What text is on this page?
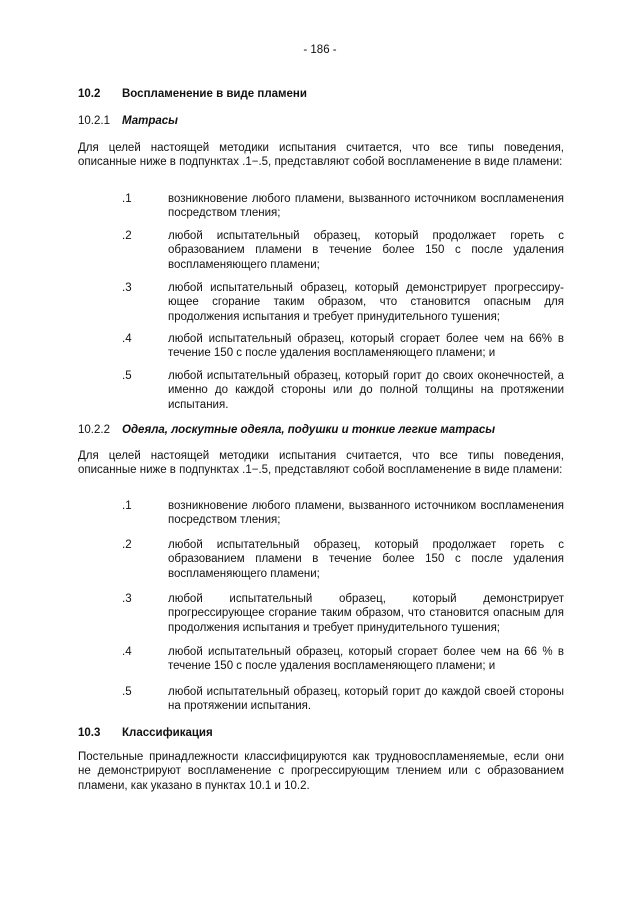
- 186 -
10.2 Воспламенение в виде пламени
10.2.1 Матрасы
Для целей настоящей методики испытания считается, что все типы поведения, описанные ниже в подпунктах .1−.5, представляют собой воспламенение в виде пламени:
.1	возникновение любого пламени, вызванного источником воспламенения посредством тления;
.2	любой испытательный образец, который продолжает гореть с образованием пламени в течение более 150 с после удаления воспламеняющего пламени;
.3	любой испытательный образец, который демонстрирует прогрессирующее сгорание таким образом, что становится опасным для продолжения испытания и требует принудительного тушения;
.4	любой испытательный образец, который сгорает более чем на 66% в течение 150 с после удаления воспламеняющего пламени; и
.5	любой испытательный образец, который горит до своих оконечностей, а именно до каждой стороны или до полной толщины на протяжении испытания.
10.2.2 Одеяла, лоскутные одеяла, подушки и тонкие легкие матрасы
Для целей настоящей методики испытания считается, что все типы поведения, описанные ниже в подпунктах .1−.5, представляют собой воспламенение в виде пламени:
.1	возникновение любого пламени, вызванного источником воспламенения посредством тления;
.2	любой испытательный образец, который продолжает гореть с образованием пламени в течение более 150 с после удаления воспламеняющего пламени;
.3	любой испытательный образец, который демонстрирует прогрессирующее сгорание таким образом, что становится опасным для продолжения испытания и требует принудительного тушения;
.4	любой испытательный образец, который сгорает более чем на 66 % в течение 150 с после удаления воспламеняющего пламени; и
.5	любой испытательный образец, который горит до каждой своей стороны на протяжении испытания.
10.3 Классификация
Постельные принадлежности классифицируются как трудновоспламеняемые, если они не демонстрируют воспламенение с прогрессирующим тлением или с образованием пламени, как указано в пунктах 10.1 и 10.2.
